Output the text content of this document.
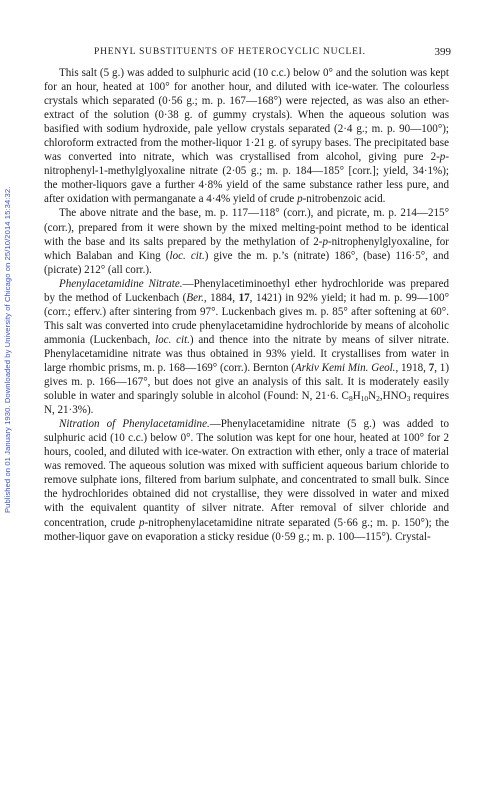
Published on 01 January 1930. Downloaded by University of Chicago on 25/10/2014 15:34:32.
PHENYL SUBSTITUENTS OF HETEROCYCLIC NUCLEI.	399

This salt (5 g.) was added to sulphuric acid (10 c.c.) below 0° and the solution was kept for an hour, heated at 100° for another hour, and diluted with ice-water. The colourless crystals which separated (0·56 g.; m. p. 167—168°) were rejected, as was also an ether-extract of the solution (0·38 g. of gummy crystals). When the aqueous solution was basified with sodium hydroxide, pale yellow crystals separated (2·4 g.; m. p. 90—100°); chloroform extracted from the mother-liquor 1·21 g. of syrupy bases. The precipitated base was converted into nitrate, which was crystallised from alcohol, giving pure 2-p-nitrophenyl-1-methylglyoxaline nitrate (2·05 g.; m. p. 184—185° [corr.]; yield, 34·1%); the mother-liquors gave a further 4·8% yield of the same substance rather less pure, and after oxidation with permanganate a 4·4% yield of crude p-nitrobenzoic acid.

The above nitrate and the base, m. p. 117—118° (corr.), and picrate, m. p. 214—215° (corr.), prepared from it were shown by the mixed melting-point method to be identical with the base and its salts prepared by the methylation of 2-p-nitrophenylglyoxaline, for which Balaban and King (loc. cit.) give the m. p.’s (nitrate) 186°, (base) 116·5°, and (picrate) 212° (all corr.).

Phenylacetamidine Nitrate.—Phenylacetiminoethyl ether hydrochloride was prepared by the method of Luckenbach (Ber., 1884, 17, 1421) in 92% yield; it had m. p. 99—100° (corr.; efferv.) after sintering from 97°. Luckenbach gives m. p. 85° after softening at 60°. This salt was converted into crude phenylacetamidine hydrochloride by means of alcoholic ammonia (Luckenbach, loc. cit.) and thence into the nitrate by means of silver nitrate. Phenylacetamidine nitrate was thus obtained in 93% yield. It crystallises from water in large rhombic prisms, m. p. 168—169° (corr.). Bernton (Arkiv Kemi Min. Geol., 1918, 7, 1) gives m. p. 166—167°, but does not give an analysis of this salt. It is moderately easily soluble in water and sparingly soluble in alcohol (Found: N, 21·6. $C_8H_{10}N_2,HNO_3$ requires N, 21·3%).

Nitration of Phenylacetamidine.—Phenylacetamidine nitrate (5 g.) was added to sulphuric acid (10 c.c.) below 0°. The solution was kept for one hour, heated at 100° for 2 hours, cooled, and diluted with ice-water. On extraction with ether, only a trace of material was removed. The aqueous solution was mixed with sufficient aqueous barium chloride to remove sulphate ions, filtered from barium sulphate, and concentrated to small bulk. Since the hydrochlorides obtained did not crystallise, they were dissolved in water and mixed with the equivalent quantity of silver nitrate. After removal of silver chloride and concentration, crude p-nitrophenylacetamidine nitrate separated (5·66 g.; m. p. 150°); the mother-liquor gave on evaporation a sticky residue (0·59 g.; m. p. 100—115°). Crystal-
